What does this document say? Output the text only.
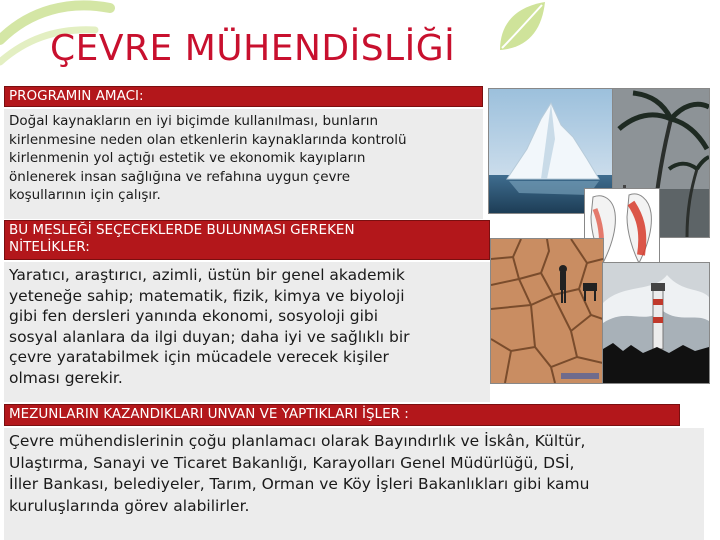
ÇEVRE MÜHENDİSLİĞİ
PROGRAMIN AMACI:

Doğal kaynakların en iyi biçimde kullanılması, bunların
kirlenmesine neden olan etkenlerin kaynaklarında kontrolü
kirlenmenin yol açtığı estetik ve ekonomik kayıpların
önlenerek insan sağlığına ve refahına uygun çevre
koşullarının için çalışır.

BU MESLEĞİ SEÇECEKLERDE BULUNMASI GEREKEN
NİTELİKLER:

Yaratıcı, araştırıcı, azimli, üstün bir genel akademik
yeteneğe sahip; matematik, fizik, kimya ve biyoloji
gibi fen dersleri yanında ekonomi, sosyoloji gibi
sosyal alanlara da ilgi duyan; daha iyi ve sağlıklı bir
çevre yaratabilmek için mücadele verecek kişiler
olması gerekir.

MEZUNLARIN KAZANDIKLARI UNVAN VE YAPTIKLARI İŞLER :

Çevre mühendislerinin çoğu planlamacı olarak Bayındırlık ve İskân, Kültür,
Ulaştırma, Sanayi ve Ticaret Bakanlığı, Karayolları Genel Müdürlüğü, DSİ,
İller Bankası, belediyeler, Tarım, Orman ve Köy İşleri Bakanlıkları gibi kamu
kuruluşlarında görev alabilirler.
